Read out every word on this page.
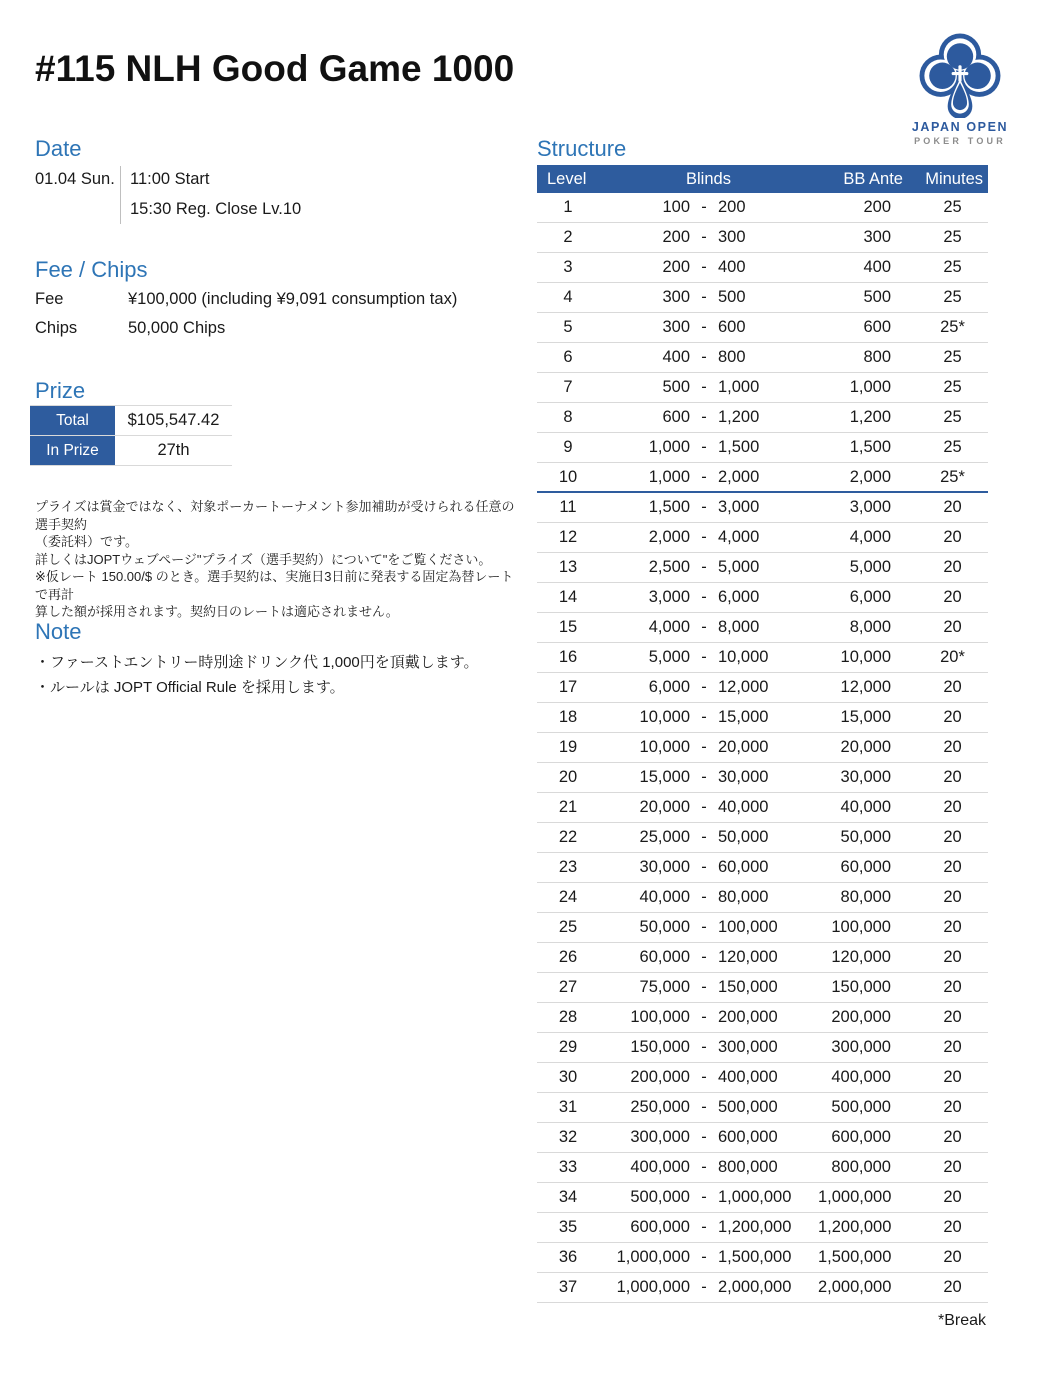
#115 NLH Good Game 1000
JAPAN OPEN
POKER TOUR
Date
01.04 Sun. 11:00 Start
15:30 Reg. Close Lv.10
Fee / Chips
Fee	¥100,000 (including ¥9,091 consumption tax)
Chips	50,000 Chips
Prize
Total	$105,547.42
In Prize	27th
プライズは賞金ではなく、対象ポーカートーナメント参加補助が受けられる任意の選手契約
（委託料）です。
詳しくはJOPTウェブページ"プライズ（選手契約）について"をご覧ください。
※仮レート 150.00/$ のとき。選手契約は、実施日3日前に発表する固定為替レートで再計
算した額が採用されます。契約日のレートは適応されません。
Note
・ファーストエントリー時別途ドリンク代 1,000円を頂戴します。
・ルールは JOPT Official Rule を採用します。
Structure
Level	Blinds	BB Ante	Minutes
1	100 - 200	200	25
2	200 - 300	300	25
3	200 - 400	400	25
4	300 - 500	500	25
5	300 - 600	600	25*
6	400 - 800	800	25
7	500 - 1,000	1,000	25
8	600 - 1,200	1,200	25
9	1,000 - 1,500	1,500	25
10	1,000 - 2,000	2,000	25*
11	1,500 - 3,000	3,000	20
12	2,000 - 4,000	4,000	20
13	2,500 - 5,000	5,000	20
14	3,000 - 6,000	6,000	20
15	4,000 - 8,000	8,000	20
16	5,000 - 10,000	10,000	20*
17	6,000 - 12,000	12,000	20
18	10,000 - 15,000	15,000	20
19	10,000 - 20,000	20,000	20
20	15,000 - 30,000	30,000	20
21	20,000 - 40,000	40,000	20
22	25,000 - 50,000	50,000	20
23	30,000 - 60,000	60,000	20
24	40,000 - 80,000	80,000	20
25	50,000 - 100,000	100,000	20
26	60,000 - 120,000	120,000	20
27	75,000 - 150,000	150,000	20
28	100,000 - 200,000	200,000	20
29	150,000 - 300,000	300,000	20
30	200,000 - 400,000	400,000	20
31	250,000 - 500,000	500,000	20
32	300,000 - 600,000	600,000	20
33	400,000 - 800,000	800,000	20
34	500,000 - 1,000,000	1,000,000	20
35	600,000 - 1,200,000	1,200,000	20
36	1,000,000 - 1,500,000	1,500,000	20
37	1,000,000 - 2,000,000	2,000,000	20
*Break
